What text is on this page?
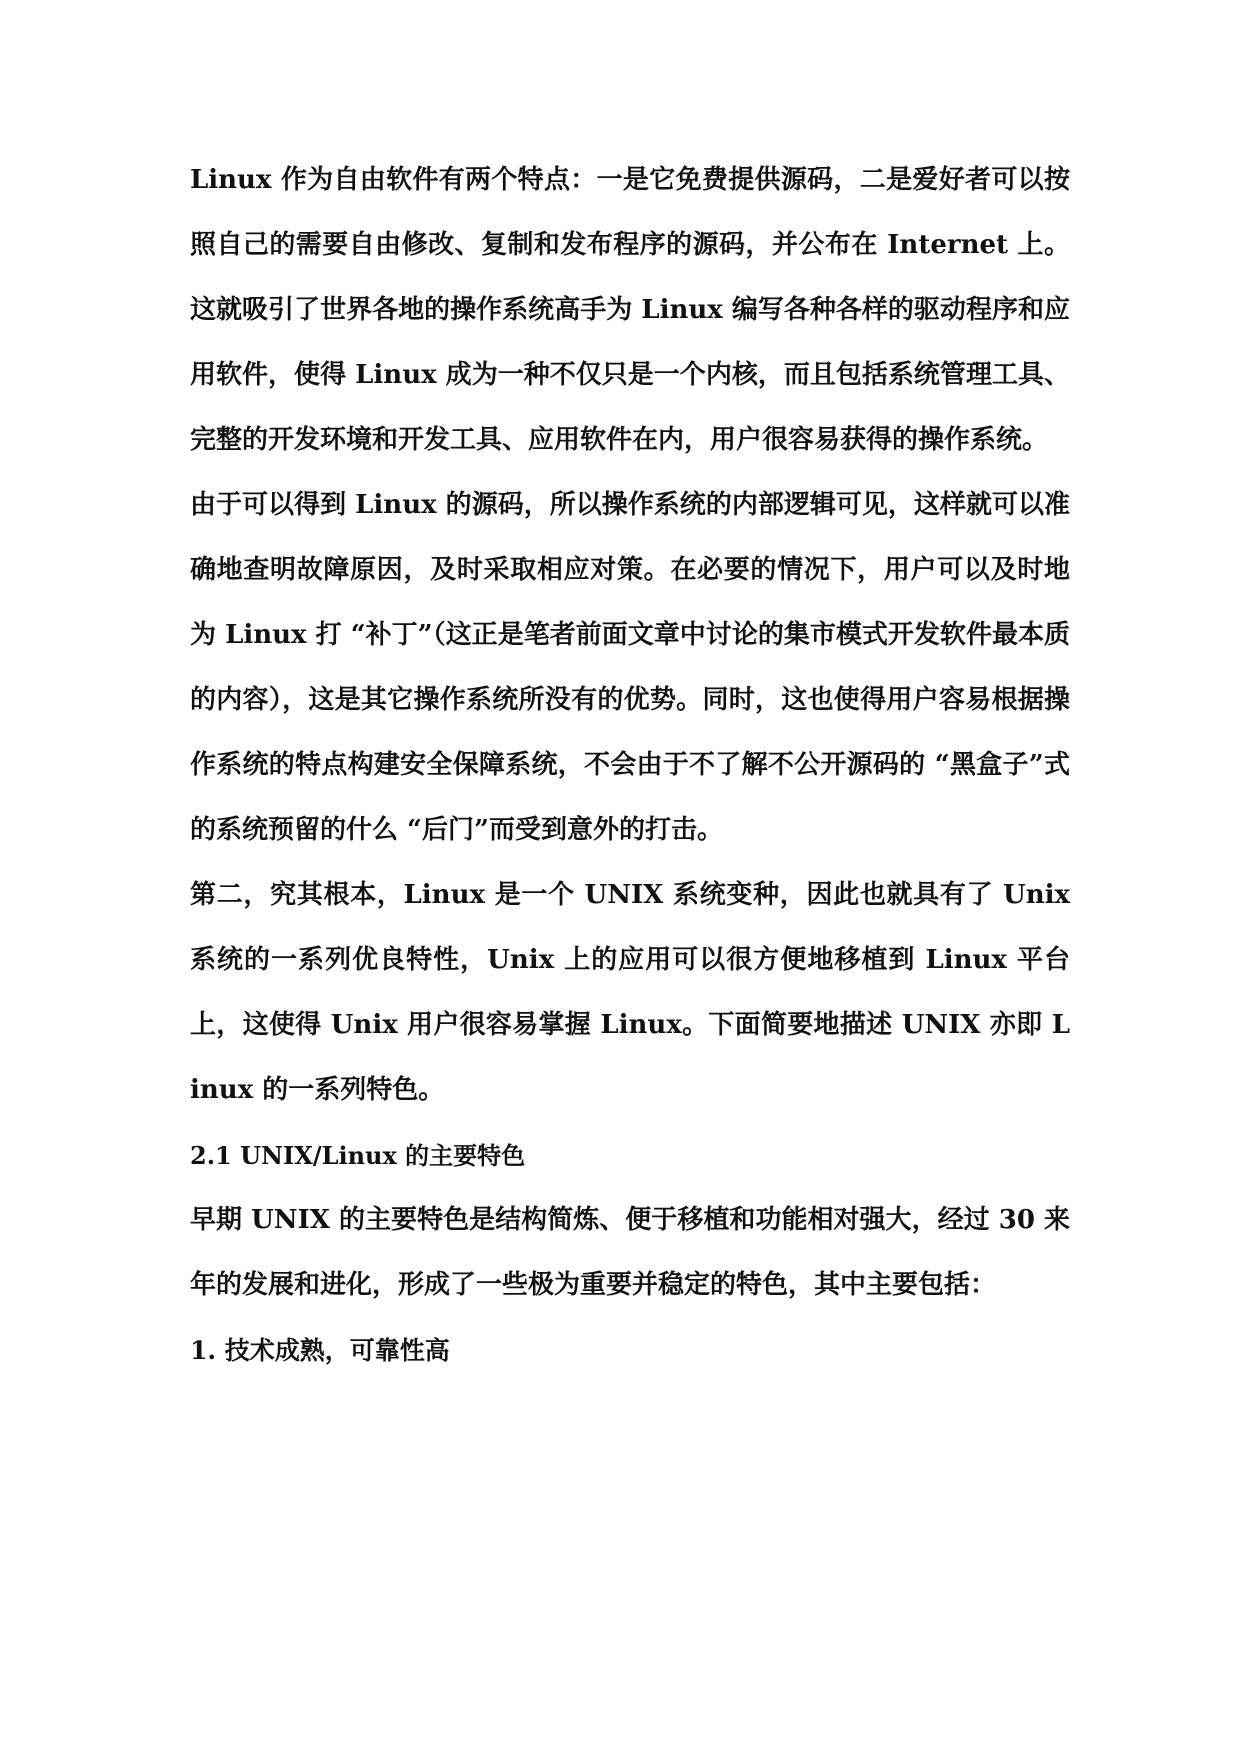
Linux 作为自由软件有两个特点：一是它免费提供源码，二是爱好者可以按照自己的需要自由修改、复制和发布程序的源码，并公布在 Internet 上。这就吸引了世界各地的操作系统高手为 Linux 编写各种各样的驱动程序和应用软件，使得 Linux 成为一种不仅只是一个内核，而且包括系统管理工具、完整的开发环境和开发工具、应用软件在内，用户很容易获得的操作系统。

由于可以得到 Linux 的源码，所以操作系统的内部逻辑可见，这样就可以准确地查明故障原因，及时采取相应对策。在必要的情况下，用户可以及时地为 Linux 打 “补丁”（这正是笔者前面文章中讨论的集市模式开发软件最本质的内容），这是其它操作系统所没有的优势。同时，这也使得用户容易根据操作系统的特点构建安全保障系统，不会由于不了解不公开源码的 “黑盒子”式的系统预留的什么 “后门”而受到意外的打击。

第二，究其根本，Linux 是一个 UNIX 系统变种，因此也就具有了 Unix 系统的一系列优良特性，Unix 上的应用可以很方便地移植到 Linux 平台上，这使得 Unix 用户很容易掌握 Linux。下面简要地描述 UNIX 亦即 Linux 的一系列特色。

2.1 UNIX/Linux 的主要特色

早期 UNIX 的主要特色是结构简炼、便于移植和功能相对强大，经过 30 来年的发展和进化，形成了一些极为重要并稳定的特色，其中主要包括：

1. 技术成熟，可靠性高
